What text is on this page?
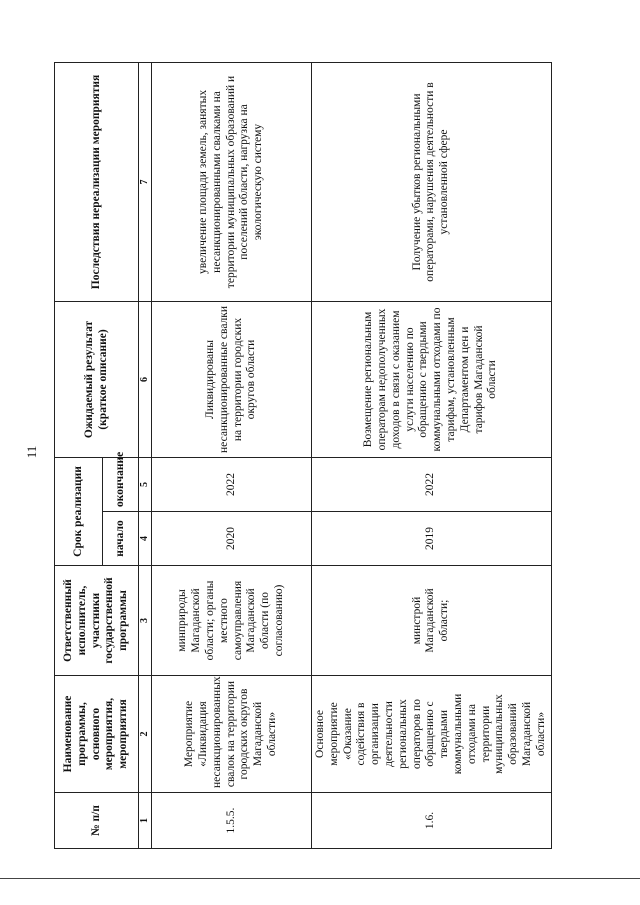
11
№ п/п	Наименование программы, основного мероприятия, мероприятия	Ответственный исполнитель, участники государственной программы	Срок реализации		Ожидаемый результат (краткое описание)	Последствия нереализации мероприятия
			начало	окончание		
1	2	3	4	5	6	7
1.5.5.	Мероприятие «Ликвидация несанкционированных свалок на территории городских округов Магаданской области»	минприроды Магаданской области; органы местного самоуправления Магаданской области (по согласованию)	2020	2022	Ликвидированы несанкционированные свалки на территории городских округов области	увеличение площади земель, занятых несанкционированными свалками на территории муниципальных образований и поселений области, нагрузка на экологическую систему
1.6.	Основное мероприятие «Оказание содействия в организации деятельности региональных операторов по обращению с твердыми коммунальными отходами на территории муниципальных образований Магаданской области»	минстрой Магаданской области;	2019	2022	Возмещение региональным операторам недополученных доходов в связи с оказанием услуги населению по обращению с твердыми коммунальными отходами по тарифам, установленным Департаментом цен и тарифов Магаданской области	Получение убытков региональными операторами, нарушения деятельности в установленной сфере
